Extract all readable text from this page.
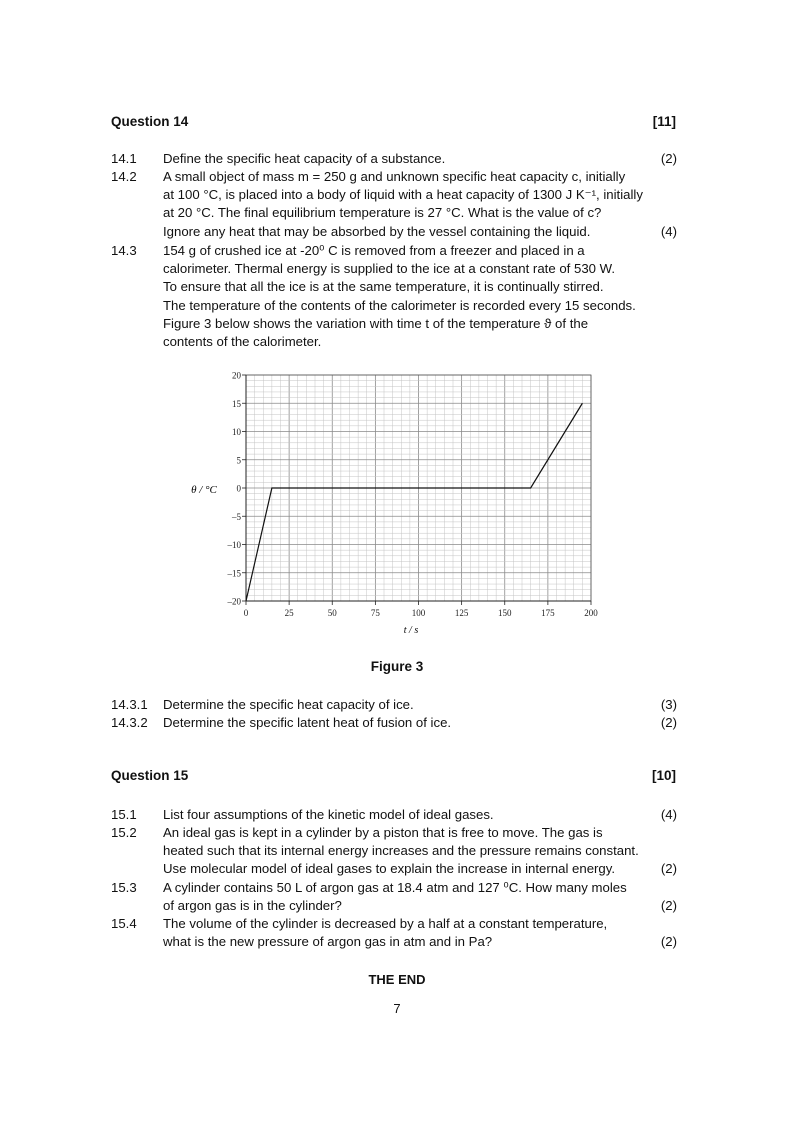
Question 14	[11]
14.1 Define the specific heat capacity of a substance.	(2)
14.2 A small object of mass m = 250 g and unknown specific heat capacity c, initially
at 100 °C, is placed into a body of liquid with a heat capacity of 1300 J K⁻¹, initially
at 20 °C. The final equilibrium temperature is 27 °C. What is the value of c?
Ignore any heat that may be absorbed by the vessel containing the liquid.	(4)
14.3 154 g of crushed ice at -20⁰ C is removed from a freezer and placed in a
calorimeter. Thermal energy is supplied to the ice at a constant rate of 530 W.
To ensure that all the ice is at the same temperature, it is continually stirred.
The temperature of the contents of the calorimeter is recorded every 15 seconds.
Figure 3 below shows the variation with time t of the temperature ϑ of the
contents of the calorimeter.
20
15
10
5
0
–5
–10
–15
–20
0	25	50	75	100	125	150	175	200
θ / °C
t / s
Figure 3
14.3.1 Determine the specific heat capacity of ice.	(3)
14.3.2 Determine the specific latent heat of fusion of ice.	(2)
Question 15	[10]
15.1 List four assumptions of the kinetic model of ideal gases.	(4)
15.2 An ideal gas is kept in a cylinder by a piston that is free to move. The gas is
heated such that its internal energy increases and the pressure remains constant.
Use molecular model of ideal gases to explain the increase in internal energy.	(2)
15.3 A cylinder contains 50 L of argon gas at 18.4 atm and 127 ⁰C. How many moles
of argon gas is in the cylinder?	(2)
15.4 The volume of the cylinder is decreased by a half at a constant temperature,
what is the new pressure of argon gas in atm and in Pa?	(2)
THE END
7
